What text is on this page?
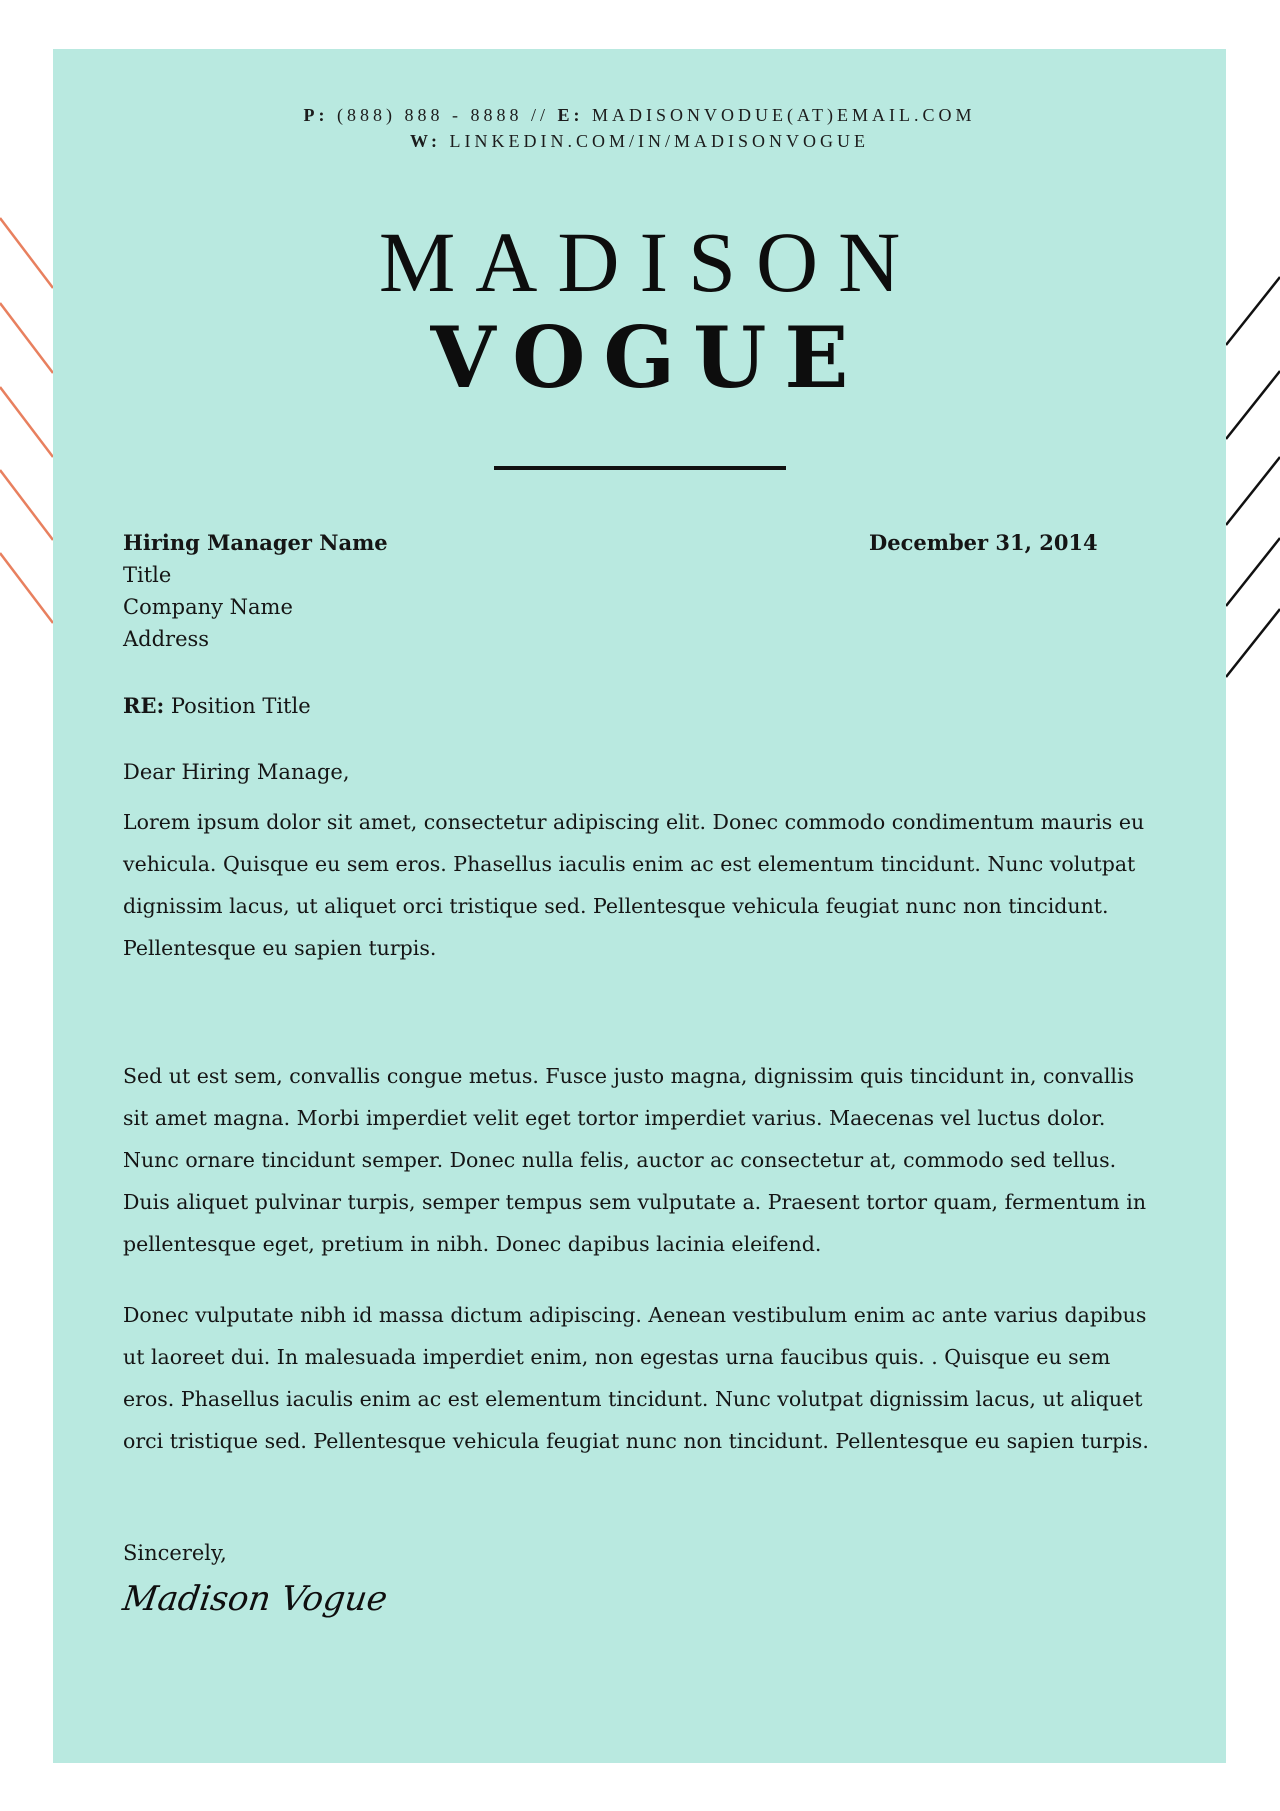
P: (888) 888 - 8888 // E: MADISONVODUE(AT)EMAIL.COM
W: LINKEDIN.COM/IN/MADISONVOGUE
MADISON
VOGUE
Hiring Manager Name
Title
Company Name
Address
December 31, 2014
RE: Position Title
Dear Hiring Manage,

Lorem ipsum dolor sit amet, consectetur adipiscing elit. Donec commodo condimentum mauris eu vehicula. Quisque eu sem eros. Phasellus iaculis enim ac est elementum tincidunt. Nunc volutpat dignissim lacus, ut aliquet orci tristique sed. Pellentesque vehicula feugiat nunc non tincidunt. Pellentesque eu sapien turpis.

Sed ut est sem, convallis congue metus. Fusce justo magna, dignissim quis tincidunt in, convallis sit amet magna. Morbi imperdiet velit eget tortor imperdiet varius. Maecenas vel luctus dolor. Nunc ornare tincidunt semper. Donec nulla felis, auctor ac consectetur at, commodo sed tellus. Duis aliquet pulvinar turpis, semper tempus sem vulputate a. Praesent tortor quam, fermentum in pellentesque eget, pretium in nibh. Donec dapibus lacinia eleifend.

Donec vulputate nibh id massa dictum adipiscing. Aenean vestibulum enim ac ante varius dapibus ut laoreet dui. In malesuada imperdiet enim, non egestas urna faucibus quis. . Quisque eu sem eros. Phasellus iaculis enim ac est elementum tincidunt. Nunc volutpat dignissim lacus, ut aliquet orci tristique sed. Pellentesque vehicula feugiat nunc non tincidunt. Pellentesque eu sapien turpis.

Sincerely,
Madison Vogue
